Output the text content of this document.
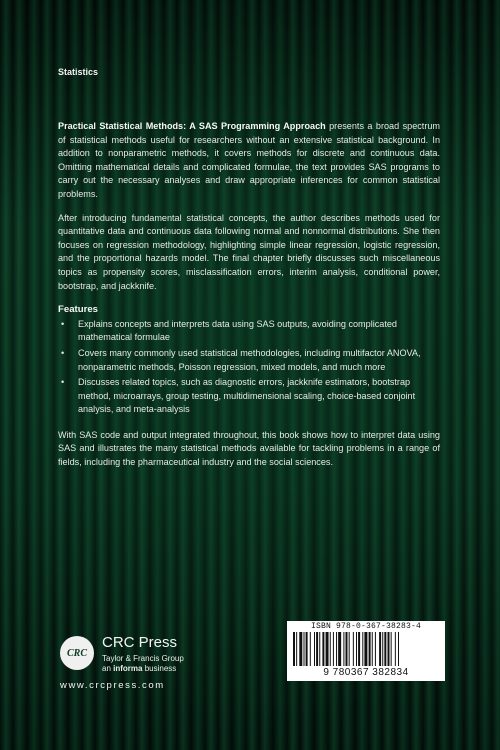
Statistics

Practical Statistical Methods: A SAS Programming Approach presents a broad spectrum of statistical methods useful for researchers without an extensive statistical background. In addition to nonparametric methods, it covers methods for discrete and continuous data. Omitting mathematical details and complicated formulae, the text provides SAS programs to carry out the necessary analyses and draw appropriate inferences for common statistical problems.

After introducing fundamental statistical concepts, the author describes methods used for quantitative data and continuous data following normal and nonnormal distributions. She then focuses on regression methodology, highlighting simple linear regression, logistic regression, and the proportional hazards model. The final chapter briefly discusses such miscellaneous topics as propensity scores, misclassification errors, interim analysis, conditional power, bootstrap, and jackknife.

Features
• Explains concepts and interprets data using SAS outputs, avoiding complicated mathematical formulae
• Covers many commonly used statistical methodologies, including multifactor ANOVA, nonparametric methods, Poisson regression, mixed models, and much more
• Discusses related topics, such as diagnostic errors, jackknife estimators, bootstrap method, microarrays, group testing, multidimensional scaling, choice-based conjoint analysis, and meta-analysis

With SAS code and output integrated throughout, this book shows how to interpret data using SAS and illustrates the many statistical methods available for tackling problems in a range of fields, including the pharmaceutical industry and the social sciences.

CRC
CRC Press
Taylor & Francis Group
an informa business
www.crcpress.com
ISBN 978-0-367-38283-4
9 780367 382834
